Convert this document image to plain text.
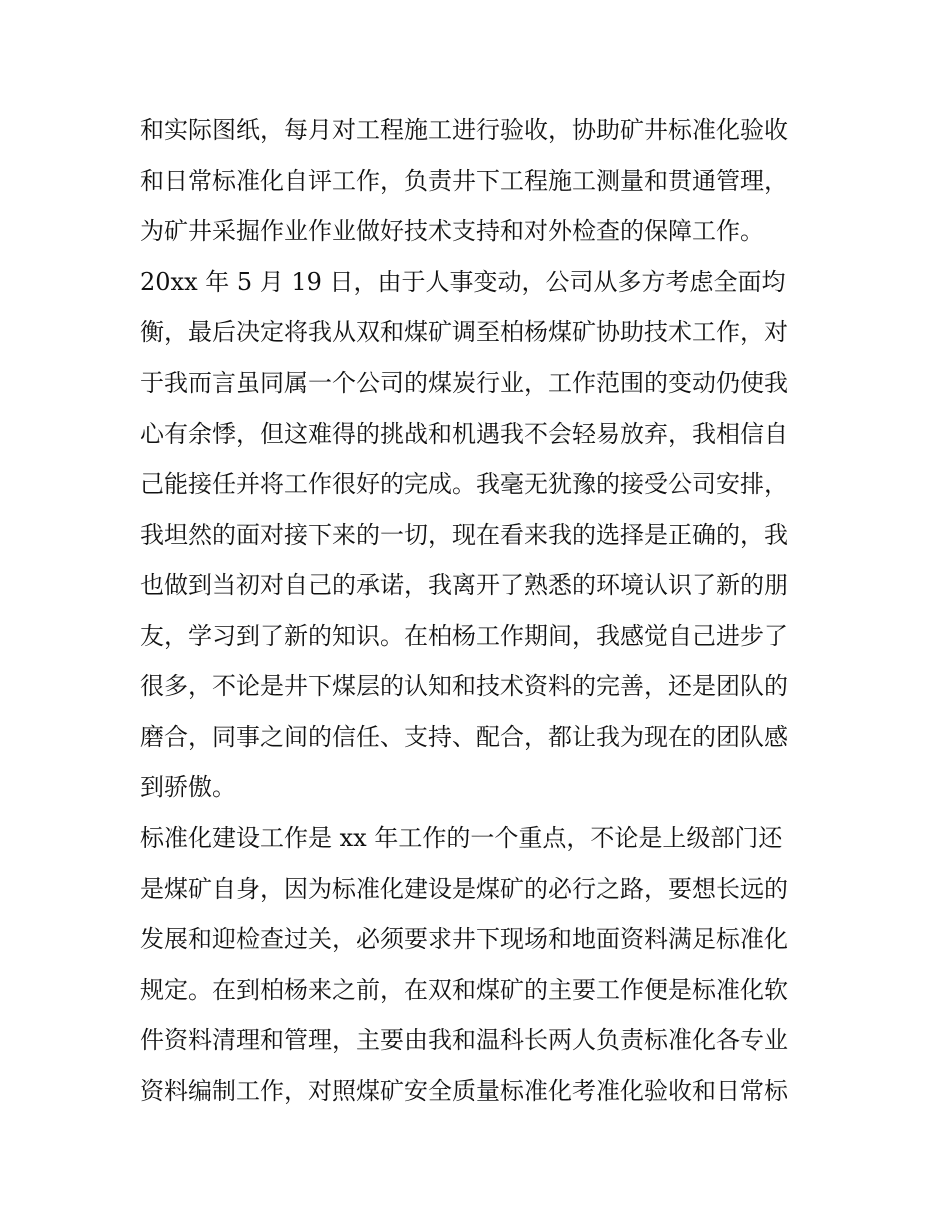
和实际图纸，每月对工程施工进行验收，协助矿井标准化验收
和日常标准化自评工作，负责井下工程施工测量和贯通管理，
为矿井采掘作业作业做好技术支持和对外检查的保障工作。
20xx 年 5 月 19 日，由于人事变动，公司从多方考虑全面均
衡，最后决定将我从双和煤矿调至柏杨煤矿协助技术工作，对
于我而言虽同属一个公司的煤炭行业，工作范围的变动仍使我
心有余悸，但这难得的挑战和机遇我不会轻易放弃，我相信自
己能接任并将工作很好的完成。我毫无犹豫的接受公司安排，
我坦然的面对接下来的一切，现在看来我的选择是正确的，我
也做到当初对自己的承诺，我离开了熟悉的环境认识了新的朋
友，学习到了新的知识。在柏杨工作期间，我感觉自己进步了
很多，不论是井下煤层的认知和技术资料的完善，还是团队的
磨合，同事之间的信任、支持、配合，都让我为现在的团队感
到骄傲。
标准化建设工作是 xx 年工作的一个重点，不论是上级部门还
是煤矿自身，因为标准化建设是煤矿的必行之路，要想长远的
发展和迎检查过关，必须要求井下现场和地面资料满足标准化
规定。在到柏杨来之前，在双和煤矿的主要工作便是标准化软
件资料清理和管理，主要由我和温科长两人负责标准化各专业
资料编制工作，对照煤矿安全质量标准化考准化验收和日常标
